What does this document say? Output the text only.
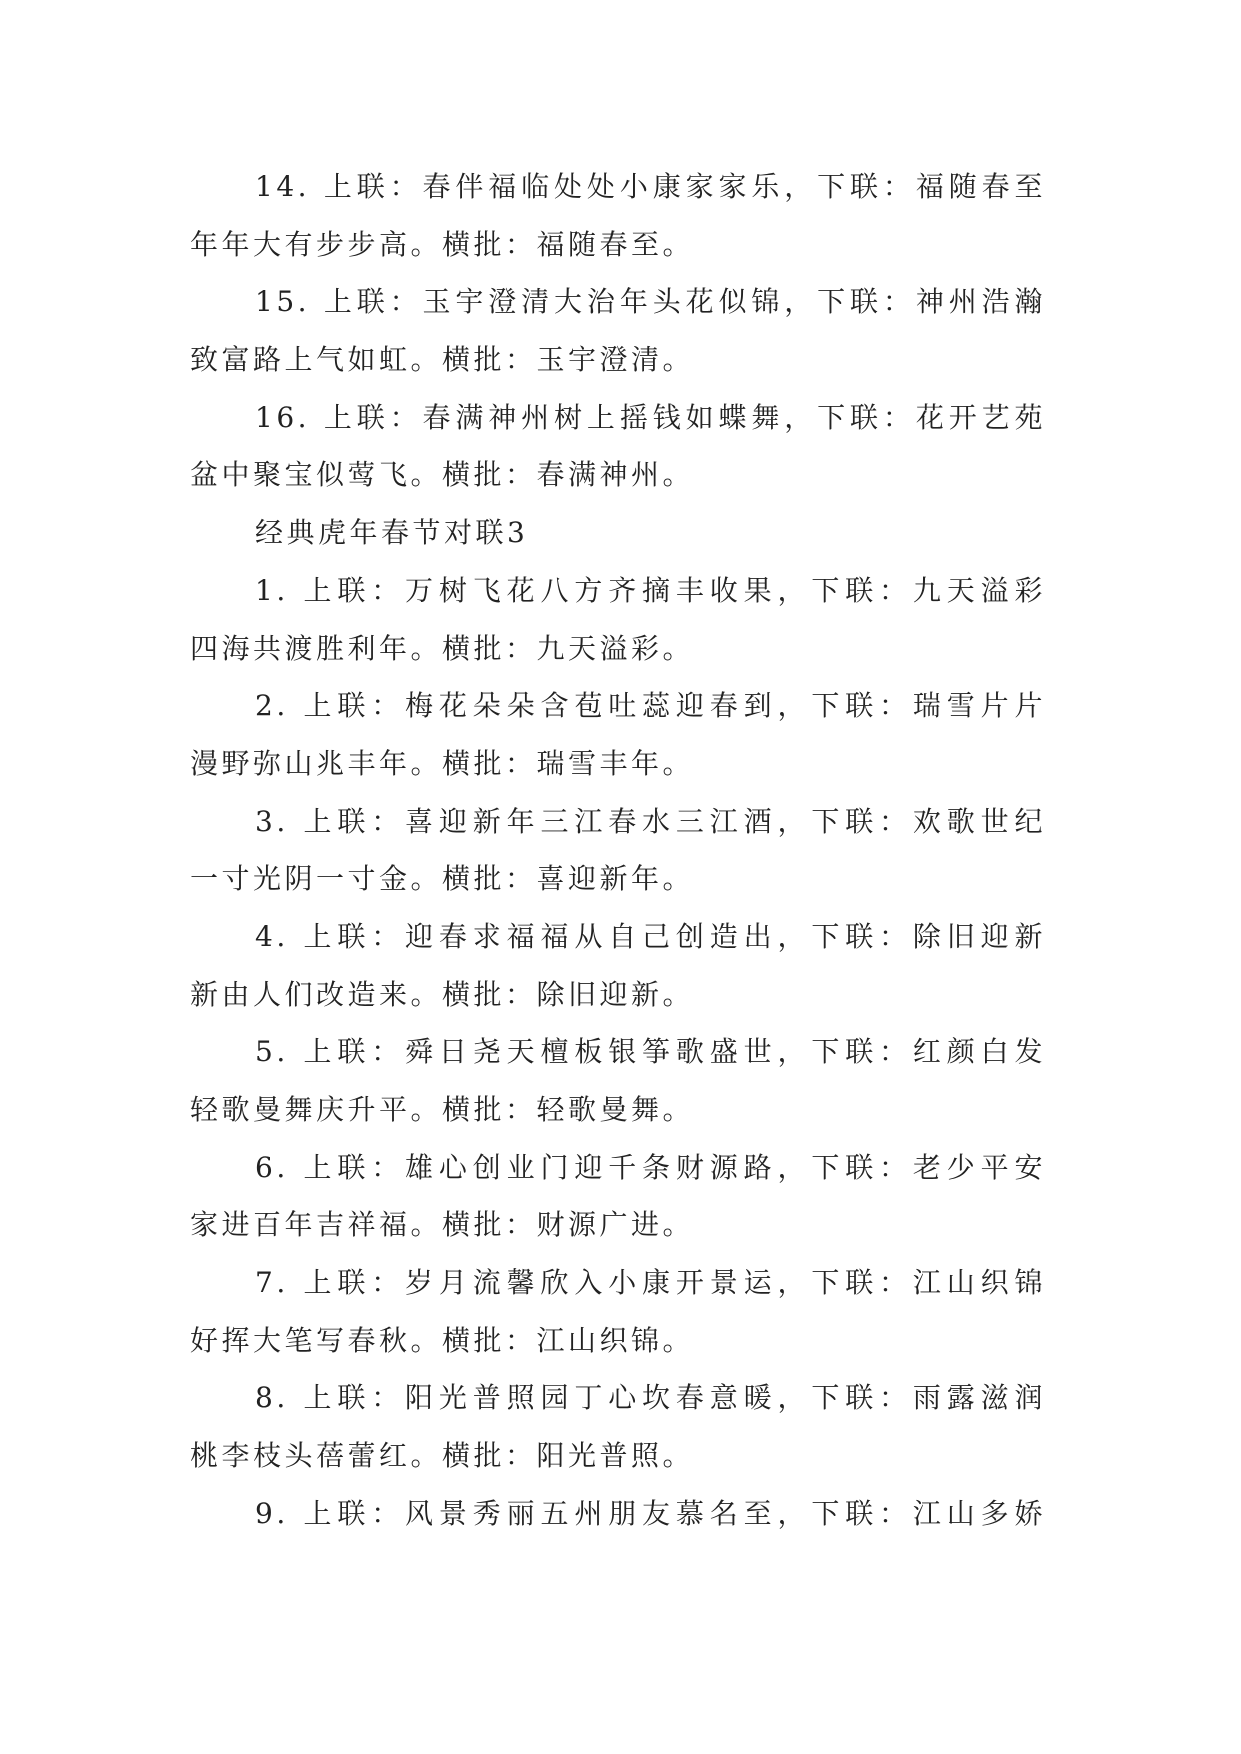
14. 上联：春伴福临处处小康家家乐，下联：福随春至
年年大有步步高。横批：福随春至。
15. 上联：玉宇澄清大治年头花似锦，下联：神州浩瀚
致富路上气如虹。横批：玉宇澄清。
16. 上联：春满神州树上摇钱如蝶舞，下联：花开艺苑
盆中聚宝似莺飞。横批：春满神州。
经典虎年春节对联3
1. 上联：万树飞花八方齐摘丰收果，下联：九天溢彩
四海共渡胜利年。横批：九天溢彩。
2. 上联：梅花朵朵含苞吐蕊迎春到，下联：瑞雪片片
漫野弥山兆丰年。横批：瑞雪丰年。
3. 上联：喜迎新年三江春水三江酒，下联：欢歌世纪
一寸光阴一寸金。横批：喜迎新年。
4. 上联：迎春求福福从自己创造出，下联：除旧迎新
新由人们改造来。横批：除旧迎新。
5. 上联：舜日尧天檀板银筝歌盛世，下联：红颜白发
轻歌曼舞庆升平。横批：轻歌曼舞。
6. 上联：雄心创业门迎千条财源路，下联：老少平安
家进百年吉祥福。横批：财源广进。
7. 上联：岁月流馨欣入小康开景运，下联：江山织锦
好挥大笔写春秋。横批：江山织锦。
8. 上联：阳光普照园丁心坎春意暖，下联：雨露滋润
桃李枝头蓓蕾红。横批：阳光普照。
9. 上联：风景秀丽五州朋友慕名至，下联：江山多娇
